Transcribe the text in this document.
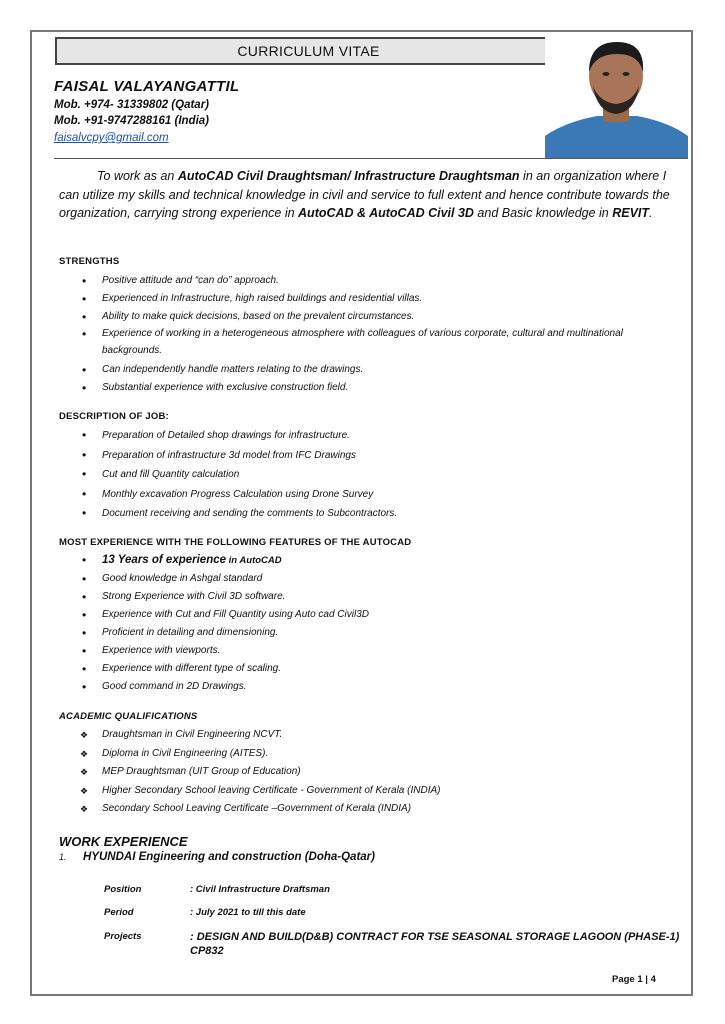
CURRICULUM VITAE
FAISAL VALAYANGATTIL
Mob. +974- 31339802 (Qatar)
Mob. +91-9747288161 (India)
faisalvcpy@gmail.com
To work as an AutoCAD Civil Draughtsman/ Infrastructure Draughtsman in an organization where I can utilize my skills and technical knowledge in civil and service to full extent and hence contribute towards the organization, carrying strong experience in AutoCAD & AutoCAD Civil 3D and Basic knowledge in REVIT.
STRENGTHS
• Positive attitude and “can do” approach.
• Experienced in Infrastructure, high raised buildings and residential villas.
• Ability to make quick decisions, based on the prevalent circumstances.
• Experience of working in a heterogeneous atmosphere with colleagues of various corporate, cultural and multinational backgrounds.
• Can independently handle matters relating to the drawings.
• Substantial experience with exclusive construction field.
DESCRIPTION OF JOB:
• Preparation of Detailed shop drawings for infrastructure.
• Preparation of infrastructure 3d model from IFC Drawings
• Cut and fill Quantity calculation
• Monthly excavation Progress Calculation using Drone Survey
• Document receiving and sending the comments to Subcontractors.
MOST EXPERIENCE WITH THE FOLLOWING FEATURES OF THE AUTOCAD
• 13 Years of experience in AutoCAD
• Good knowledge in Ashgal standard
• Strong Experience with Civil 3D software.
• Experience with Cut and Fill Quantity using Auto cad Civil3D
• Proficient in detailing and dimensioning.
• Experience with viewports.
• Experience with different type of scaling.
• Good command in 2D Drawings.
ACADEMIC QUALIFICATIONS
❖ Draughtsman in Civil Engineering NCVT.
❖ Diploma in Civil Engineering (AITES).
❖ MEP Draughtsman (UIT Group of Education)
❖ Higher Secondary School leaving Certificate - Government of Kerala (INDIA)
❖ Secondary School Leaving Certificate –Government of Kerala (INDIA)
WORK EXPERIENCE
1. HYUNDAI Engineering and construction (Doha-Qatar)
Position	: Civil Infrastructure Draftsman
Period	: July 2021 to till this date
Projects	: DESIGN AND BUILD(D&B) CONTRACT FOR TSE SEASONAL STORAGE LAGOON (PHASE-1) CP832
Page 1 | 4
